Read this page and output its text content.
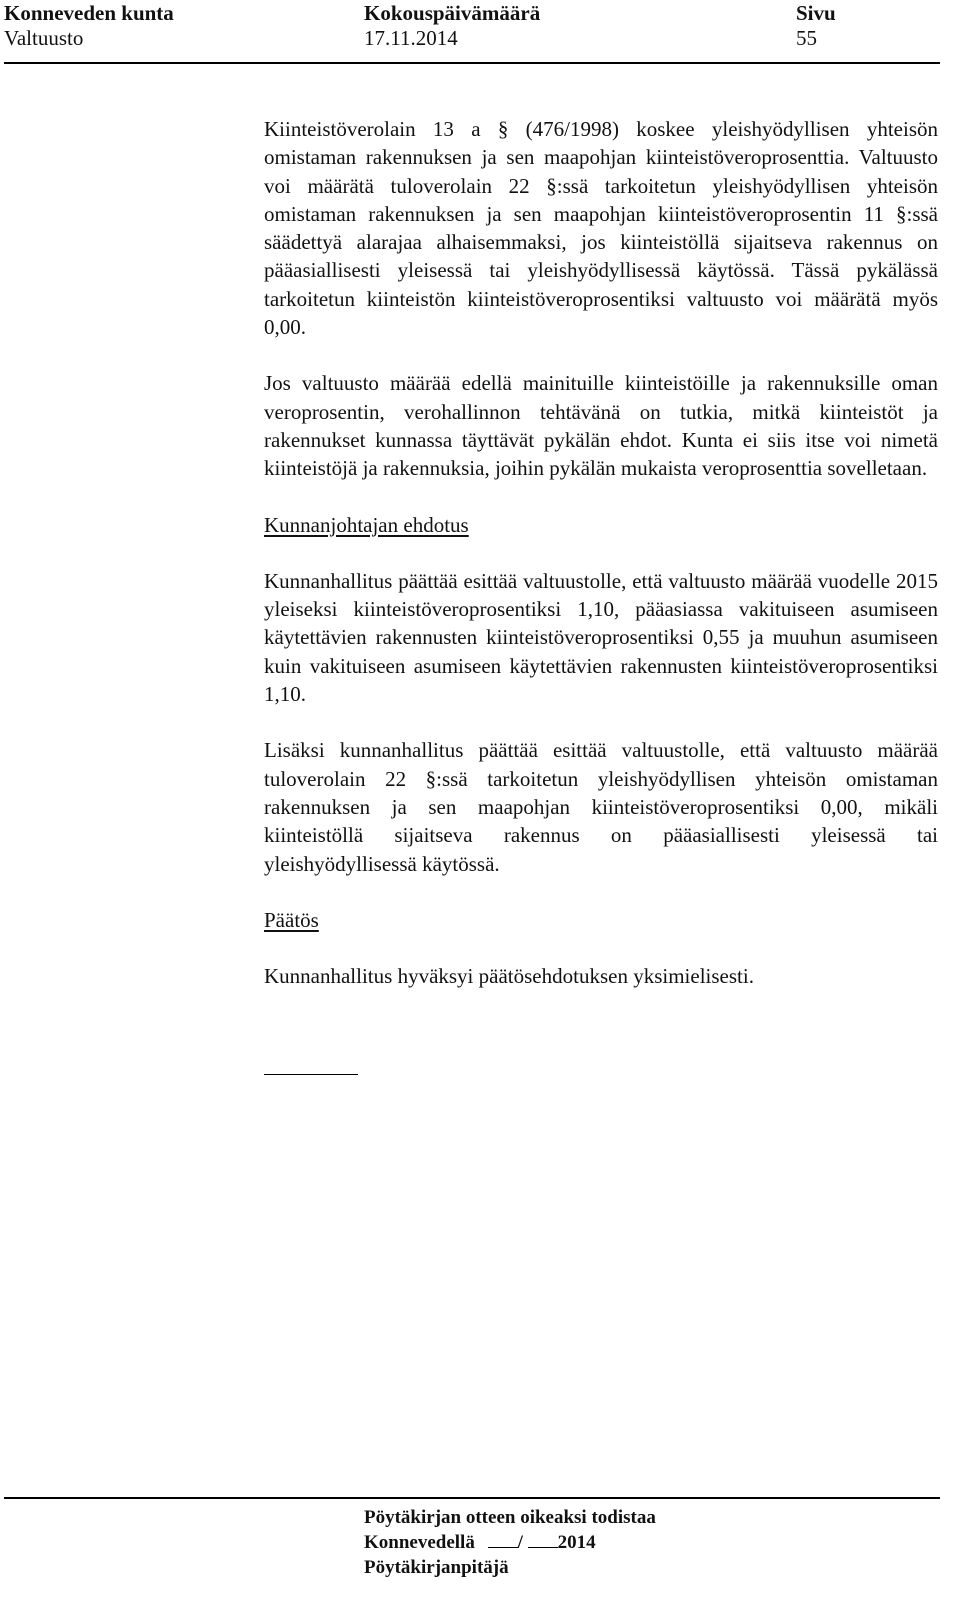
Konneveden kunta
Valtuusto
Kokouspäivämäärä
17.11.2014
Sivu
55

Kiinteistöverolain 13 a § (476/1998) koskee yleishyödyllisen yhteisön omistaman rakennuksen ja sen maapohjan kiinteistöveroprosenttia. Valtuusto voi määrätä tuloverolain 22 §:ssä tarkoitetun yleishyödyllisen yhteisön omistaman rakennuksen ja sen maapohjan kiinteistöveroprosentin 11 §:ssä säädettyä alarajaa alhaisemmaksi, jos kiinteistöllä sijaitseva rakennus on pääasiallisesti yleisessä tai yleishyödyllisessä käytössä. Tässä pykälässä tarkoitetun kiinteistön kiinteistöveroprosentiksi valtuusto voi määrätä myös 0,00.

Jos valtuusto määrää edellä mainituille kiinteistöille ja rakennuksille oman veroprosentin, verohallinnon tehtävänä on tutkia, mitkä kiinteistöt ja rakennukset kunnassa täyttävät pykälän ehdot. Kunta ei siis itse voi nimetä kiinteistöjä ja rakennuksia, joihin pykälän mukaista veroprosenttia sovelletaan.

Kunnanjohtajan ehdotus

Kunnanhallitus päättää esittää valtuustolle, että valtuusto määrää vuodelle 2015 yleiseksi kiinteistöveroprosentiksi 1,10, pääasiassa vakituiseen asumiseen käytettävien rakennusten kiinteistöveroprosentiksi 0,55 ja muuhun asumiseen kuin vakituiseen asumiseen käytettävien rakennusten kiinteistöveroprosentiksi 1,10.

Lisäksi kunnanhallitus päättää esittää valtuustolle, että valtuusto määrää tuloverolain 22 §:ssä tarkoitetun yleishyödyllisen yhteisön omistaman rakennuksen ja sen maapohjan kiinteistöveroprosentiksi 0,00, mikäli kiinteistöllä sijaitseva rakennus on pääasiallisesti yleisessä tai yleishyödyllisessä käytössä.

Päätös

Kunnanhallitus hyväksyi päätösehdotuksen yksimielisesti.

Pöytäkirjan otteen oikeaksi todistaa
Konnevedellä / 2014
Pöytäkirjanpitäjä
